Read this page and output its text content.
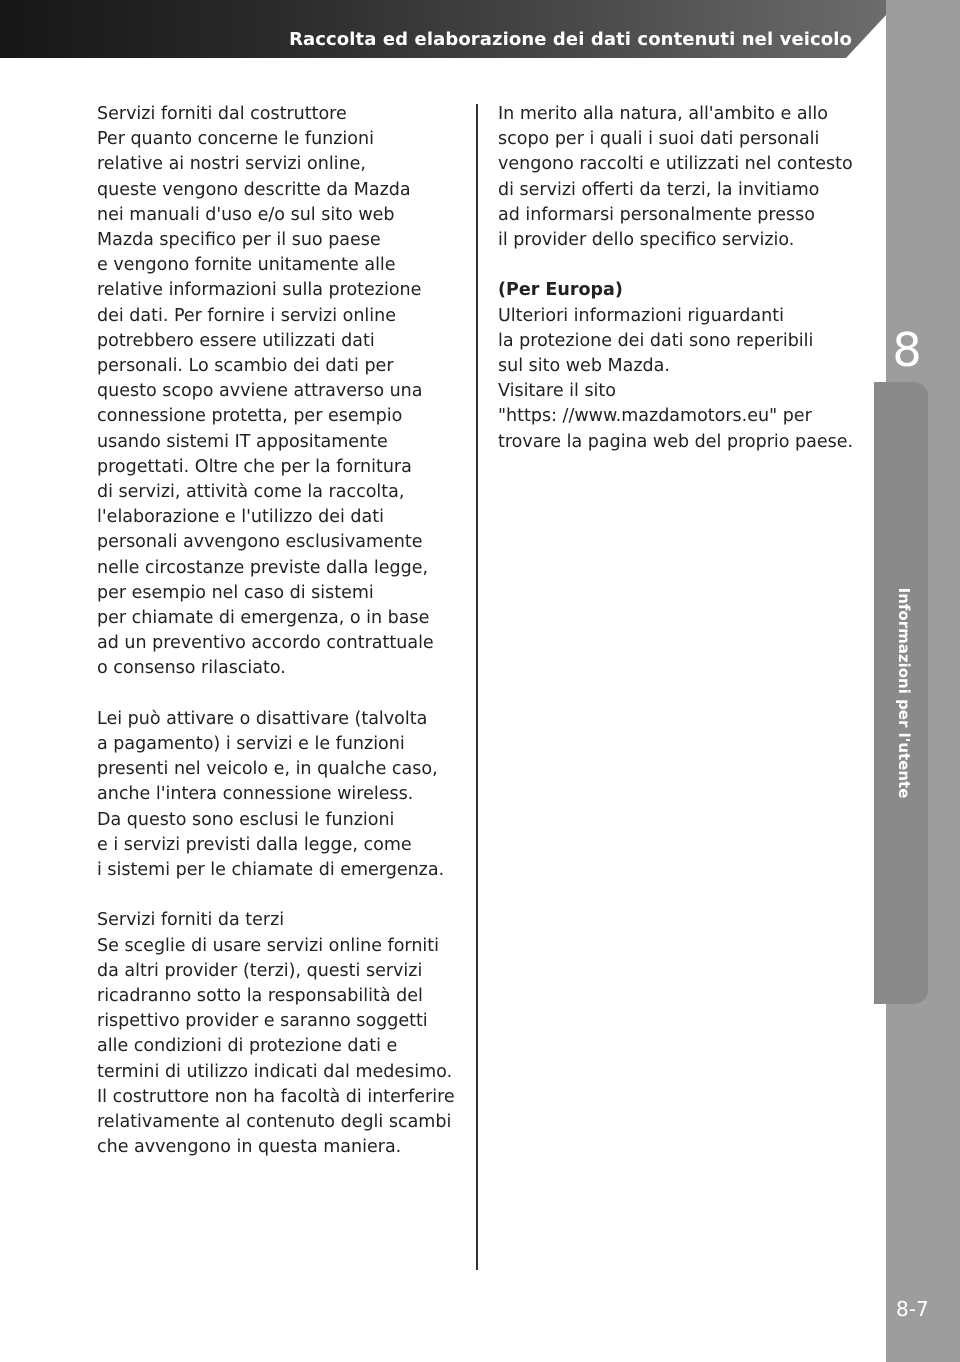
Raccolta ed elaborazione dei dati contenuti nel veicolo
8
Informazioni per l'utente
8-7

Servizi forniti dal costruttore
Per quanto concerne le funzioni
relative ai nostri servizi online,
queste vengono descritte da Mazda
nei manuali d'uso e/o sul sito web
Mazda specifico per il suo paese
e vengono fornite unitamente alle
relative informazioni sulla protezione
dei dati. Per fornire i servizi online
potrebbero essere utilizzati dati
personali. Lo scambio dei dati per
questo scopo avviene attraverso una
connessione protetta, per esempio
usando sistemi IT appositamente
progettati. Oltre che per la fornitura
di servizi, attività come la raccolta,
l'elaborazione e l'utilizzo dei dati
personali avvengono esclusivamente
nelle circostanze previste dalla legge,
per esempio nel caso di sistemi
per chiamate di emergenza, o in base
ad un preventivo accordo contrattuale
o consenso rilasciato.

Lei può attivare o disattivare (talvolta
a pagamento) i servizi e le funzioni
presenti nel veicolo e, in qualche caso,
anche l'intera connessione wireless.
Da questo sono esclusi le funzioni
e i servizi previsti dalla legge, come
i sistemi per le chiamate di emergenza.

Servizi forniti da terzi
Se sceglie di usare servizi online forniti
da altri provider (terzi), questi servizi
ricadranno sotto la responsabilità del
rispettivo provider e saranno soggetti
alle condizioni di protezione dati e
termini di utilizzo indicati dal medesimo.
Il costruttore non ha facoltà di interferire
relativamente al contenuto degli scambi
che avvengono in questa maniera.

In merito alla natura, all'ambito e allo
scopo per i quali i suoi dati personali
vengono raccolti e utilizzati nel contesto
di servizi offerti da terzi, la invitiamo
ad informarsi personalmente presso
il provider dello specifico servizio.

(Per Europa)

Ulteriori informazioni riguardanti
la protezione dei dati sono reperibili
sul sito web Mazda.
Visitare il sito
"https: //www.mazdamotors.eu" per
trovare la pagina web del proprio paese.
